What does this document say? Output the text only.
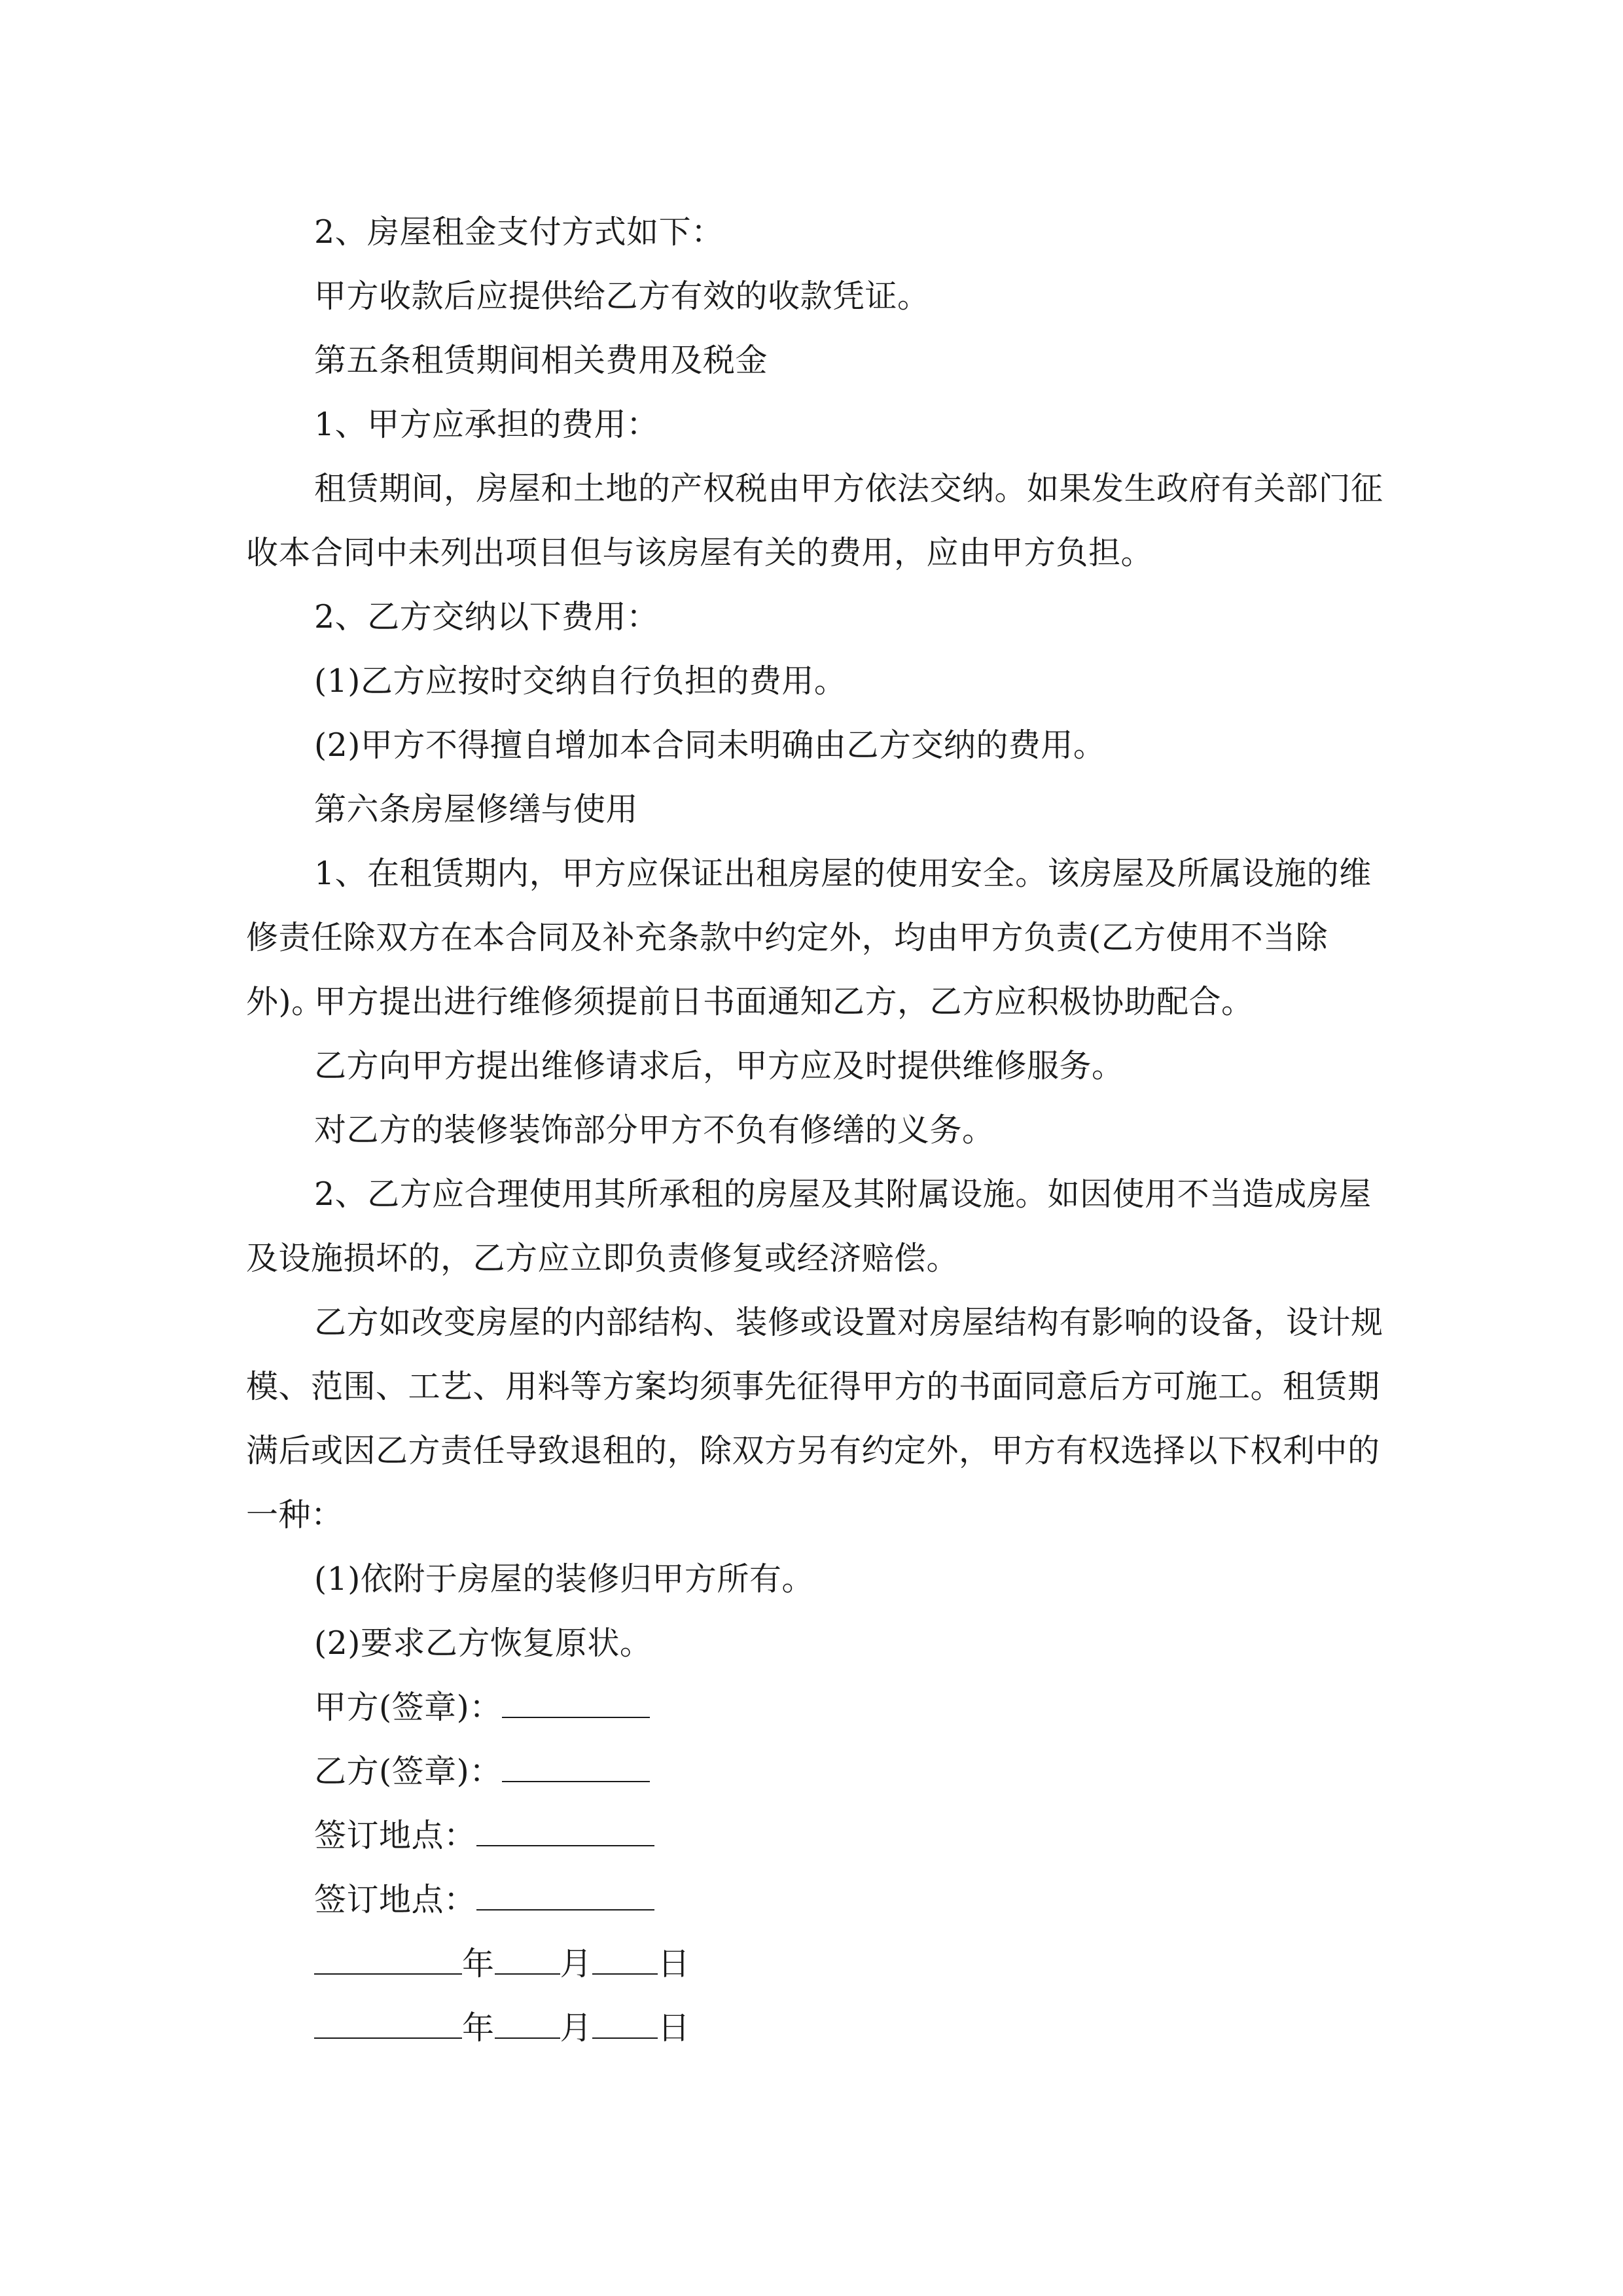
2、房屋租金支付方式如下：
甲方收款后应提供给乙方有效的收款凭证。
第五条租赁期间相关费用及税金
1、甲方应承担的费用：
租赁期间，房屋和土地的产权税由甲方依法交纳。如果发生政府有关部门征收本合同中未列出项目但与该房屋有关的费用，应由甲方负担。
2、乙方交纳以下费用：
(1)乙方应按时交纳自行负担的费用。
(2)甲方不得擅自增加本合同未明确由乙方交纳的费用。
第六条房屋修缮与使用
1、在租赁期内，甲方应保证出租房屋的使用安全。该房屋及所属设施的维修责任除双方在本合同及补充条款中约定外，均由甲方负责(乙方使用不当除外)。
甲方提出进行维修须提前日书面通知乙方，乙方应积极协助配合。
乙方向甲方提出维修请求后，甲方应及时提供维修服务。
对乙方的装修装饰部分甲方不负有修缮的义务。
2、乙方应合理使用其所承租的房屋及其附属设施。如因使用不当造成房屋及设施损坏的，乙方应立即负责修复或经济赔偿。
乙方如改变房屋的内部结构、装修或设置对房屋结构有影响的设备，设计规模、范围、工艺、用料等方案均须事先征得甲方的书面同意后方可施工。租赁期满后或因乙方责任导致退租的，除双方另有约定外，甲方有权选择以下权利中的一种：
(1)依附于房屋的装修归甲方所有。
(2)要求乙方恢复原状。
甲方(签章)：
乙方(签章)：
签订地点：
签订地点：
年 月 日
年 月 日
